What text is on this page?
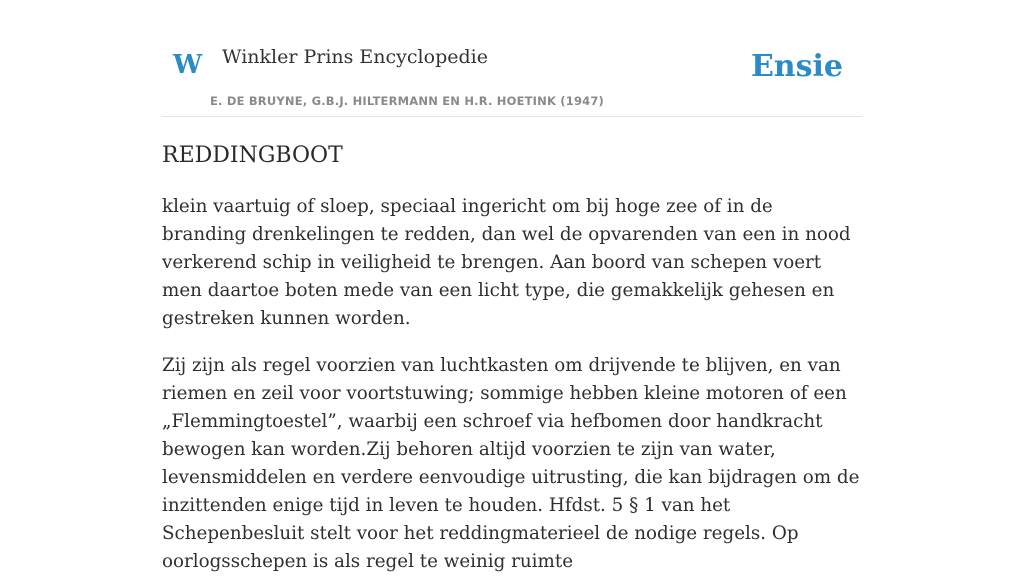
W Winkler Prins Encyclopedie
E. DE BRUYNE, G.B.J. HILTERMANN EN H.R. HOETINK (1947)
Ensie
REDDINGBOOT

klein vaartuig of sloep, speciaal ingericht om bij hoge zee of in de branding drenkelingen te redden, dan wel de opvarenden van een in nood verkerend schip in veiligheid te brengen. Aan boord van schepen voert men daartoe boten mede van een licht type, die gemakkelijk gehesen en gestreken kunnen worden.

Zij zijn als regel voorzien van luchtkasten om drijvende te blijven, en van riemen en zeil voor voortstuwing; sommige hebben kleine motoren of een „Flemmingtoestel”, waarbij een schroef via hefbomen door handkracht bewogen kan worden.Zij behoren altijd voorzien te zijn van water, levensmiddelen en verdere eenvoudige uitrusting, die kan bijdragen om de inzittenden enige tijd in leven te houden. Hfdst. 5 § 1 van het Schepenbesluit stelt voor het reddingmaterieel de nodige regels. Op oorlogsschepen is als regel te weinig ruimte
